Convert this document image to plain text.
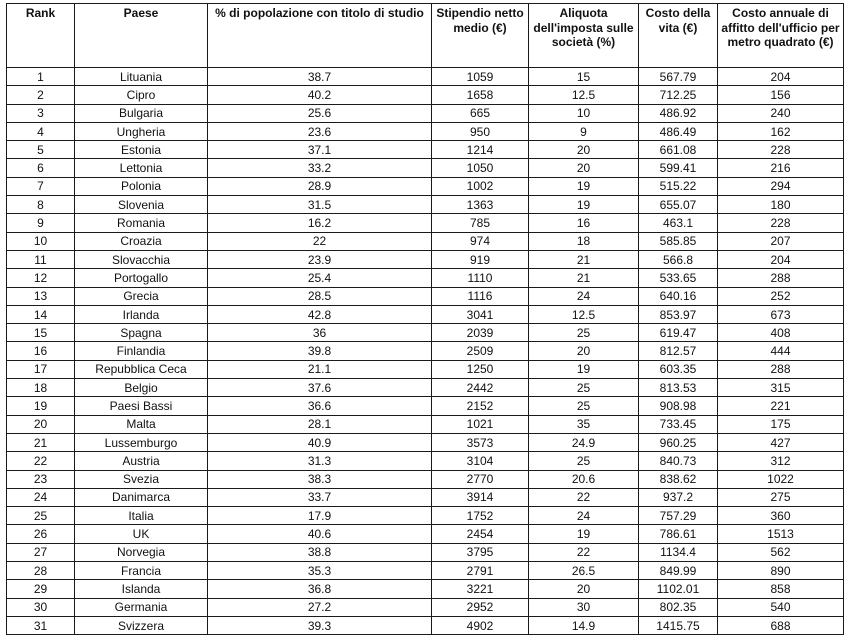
Rank	Paese	% di popolazione con titolo di studio	Stipendio netto medio (€)	Aliquota dell'imposta sulle società (%)	Costo della vita (€)	Costo annuale di affitto dell'ufficio per metro quadrato (€)
1	Lituania	38.7	1059	15	567.79	204
2	Cipro	40.2	1658	12.5	712.25	156
3	Bulgaria	25.6	665	10	486.92	240
4	Ungheria	23.6	950	9	486.49	162
5	Estonia	37.1	1214	20	661.08	228
6	Lettonia	33.2	1050	20	599.41	216
7	Polonia	28.9	1002	19	515.22	294
8	Slovenia	31.5	1363	19	655.07	180
9	Romania	16.2	785	16	463.1	228
10	Croazia	22	974	18	585.85	207
11	Slovacchia	23.9	919	21	566.8	204
12	Portogallo	25.4	1110	21	533.65	288
13	Grecia	28.5	1116	24	640.16	252
14	Irlanda	42.8	3041	12.5	853.97	673
15	Spagna	36	2039	25	619.47	408
16	Finlandia	39.8	2509	20	812.57	444
17	Repubblica Ceca	21.1	1250	19	603.35	288
18	Belgio	37.6	2442	25	813.53	315
19	Paesi Bassi	36.6	2152	25	908.98	221
20	Malta	28.1	1021	35	733.45	175
21	Lussemburgo	40.9	3573	24.9	960.25	427
22	Austria	31.3	3104	25	840.73	312
23	Svezia	38.3	2770	20.6	838.62	1022
24	Danimarca	33.7	3914	22	937.2	275
25	Italia	17.9	1752	24	757.29	360
26	UK	40.6	2454	19	786.61	1513
27	Norvegia	38.8	3795	22	1134.4	562
28	Francia	35.3	2791	26.5	849.99	890
29	Islanda	36.8	3221	20	1102.01	858
30	Germania	27.2	2952	30	802.35	540
31	Svizzera	39.3	4902	14.9	1415.75	688
